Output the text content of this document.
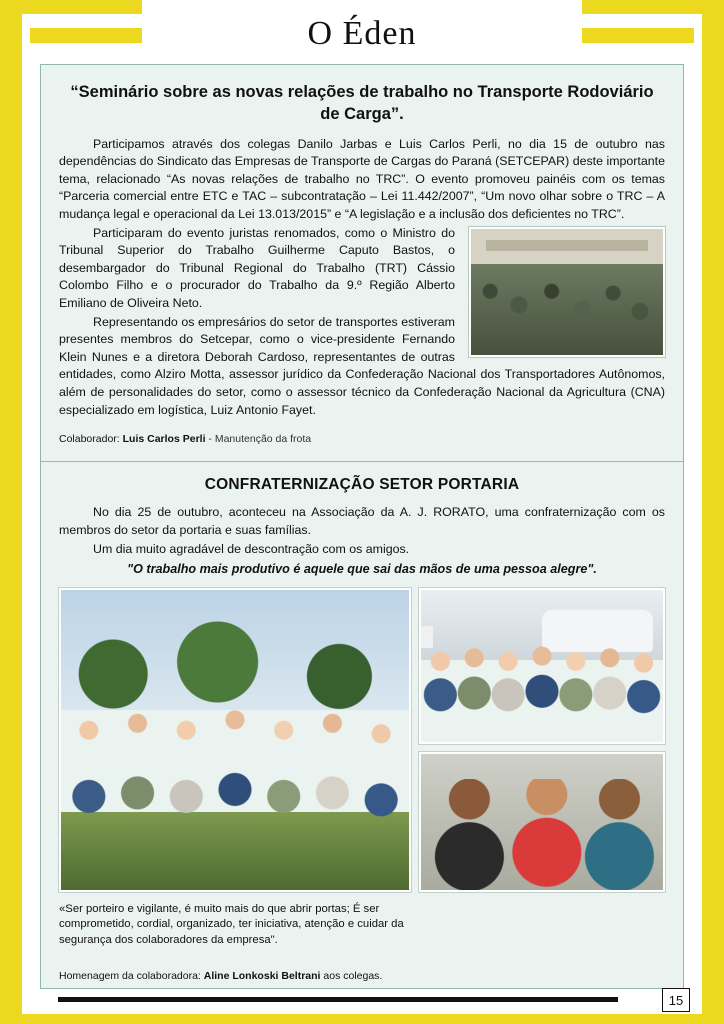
O Éden
“Seminário sobre as novas relações de trabalho no Transporte Rodoviário de Carga”.

Participamos através dos colegas Danilo Jarbas e Luis Carlos Perli, no dia 15 de outubro nas dependências do Sindicato das Empresas de Transporte de Cargas do Paraná (SETCEPAR) deste importante tema, relacionado “As novas relações de trabalho no TRC”. O evento promoveu painéis com os temas “Parceria comercial entre ETC e TAC – subcontratação – Lei 11.442/2007”, “Um novo olhar sobre o TRC – A mudança legal e operacional da Lei 13.013/2015” e “A legislação e a inclusão dos deficientes no TRC”.

Participaram do evento juristas renomados, como o Ministro do Tribunal Superior do Trabalho Guilherme Caputo Bastos, o desembargador do Tribunal Regional do Trabalho (TRT) Cássio Colombo Filho e o procurador do Trabalho da 9.º Região Alberto Emiliano de Oliveira Neto.

Representando os empresários do setor de transportes estiveram presentes membros do Setcepar, como o vice-presidente Fernando Klein Nunes e a diretora Deborah Cardoso, representantes de outras entidades, como Alziro Motta, assessor jurídico da Confederação Nacional dos Transportadores Autônomos, além de personalidades do setor, como o assessor técnico da Confederação Nacional da Agricultura (CNA) especializado em logística, Luiz Antonio Fayet.

Colaborador: Luis Carlos Perli - Manutenção da frota
CONFRATERNIZAÇÃO SETOR PORTARIA

No dia 25 de outubro, aconteceu na Associação da A. J. RORATO, uma confraternização com os membros do setor da portaria e suas famílias.

Um dia muito agradável de descontração com os amigos.

"O trabalho mais produtivo é aquele que sai das mãos de uma pessoa alegre".

«Ser porteiro e vigilante, é muito mais do que abrir portas; É ser comprometido, cordial, organizado, ter iniciativa, atenção e cuidar da segurança dos colaboradores da empresa".
Homenagem da colaboradora: Aline Lonkoski Beltrani aos colegas.
15
